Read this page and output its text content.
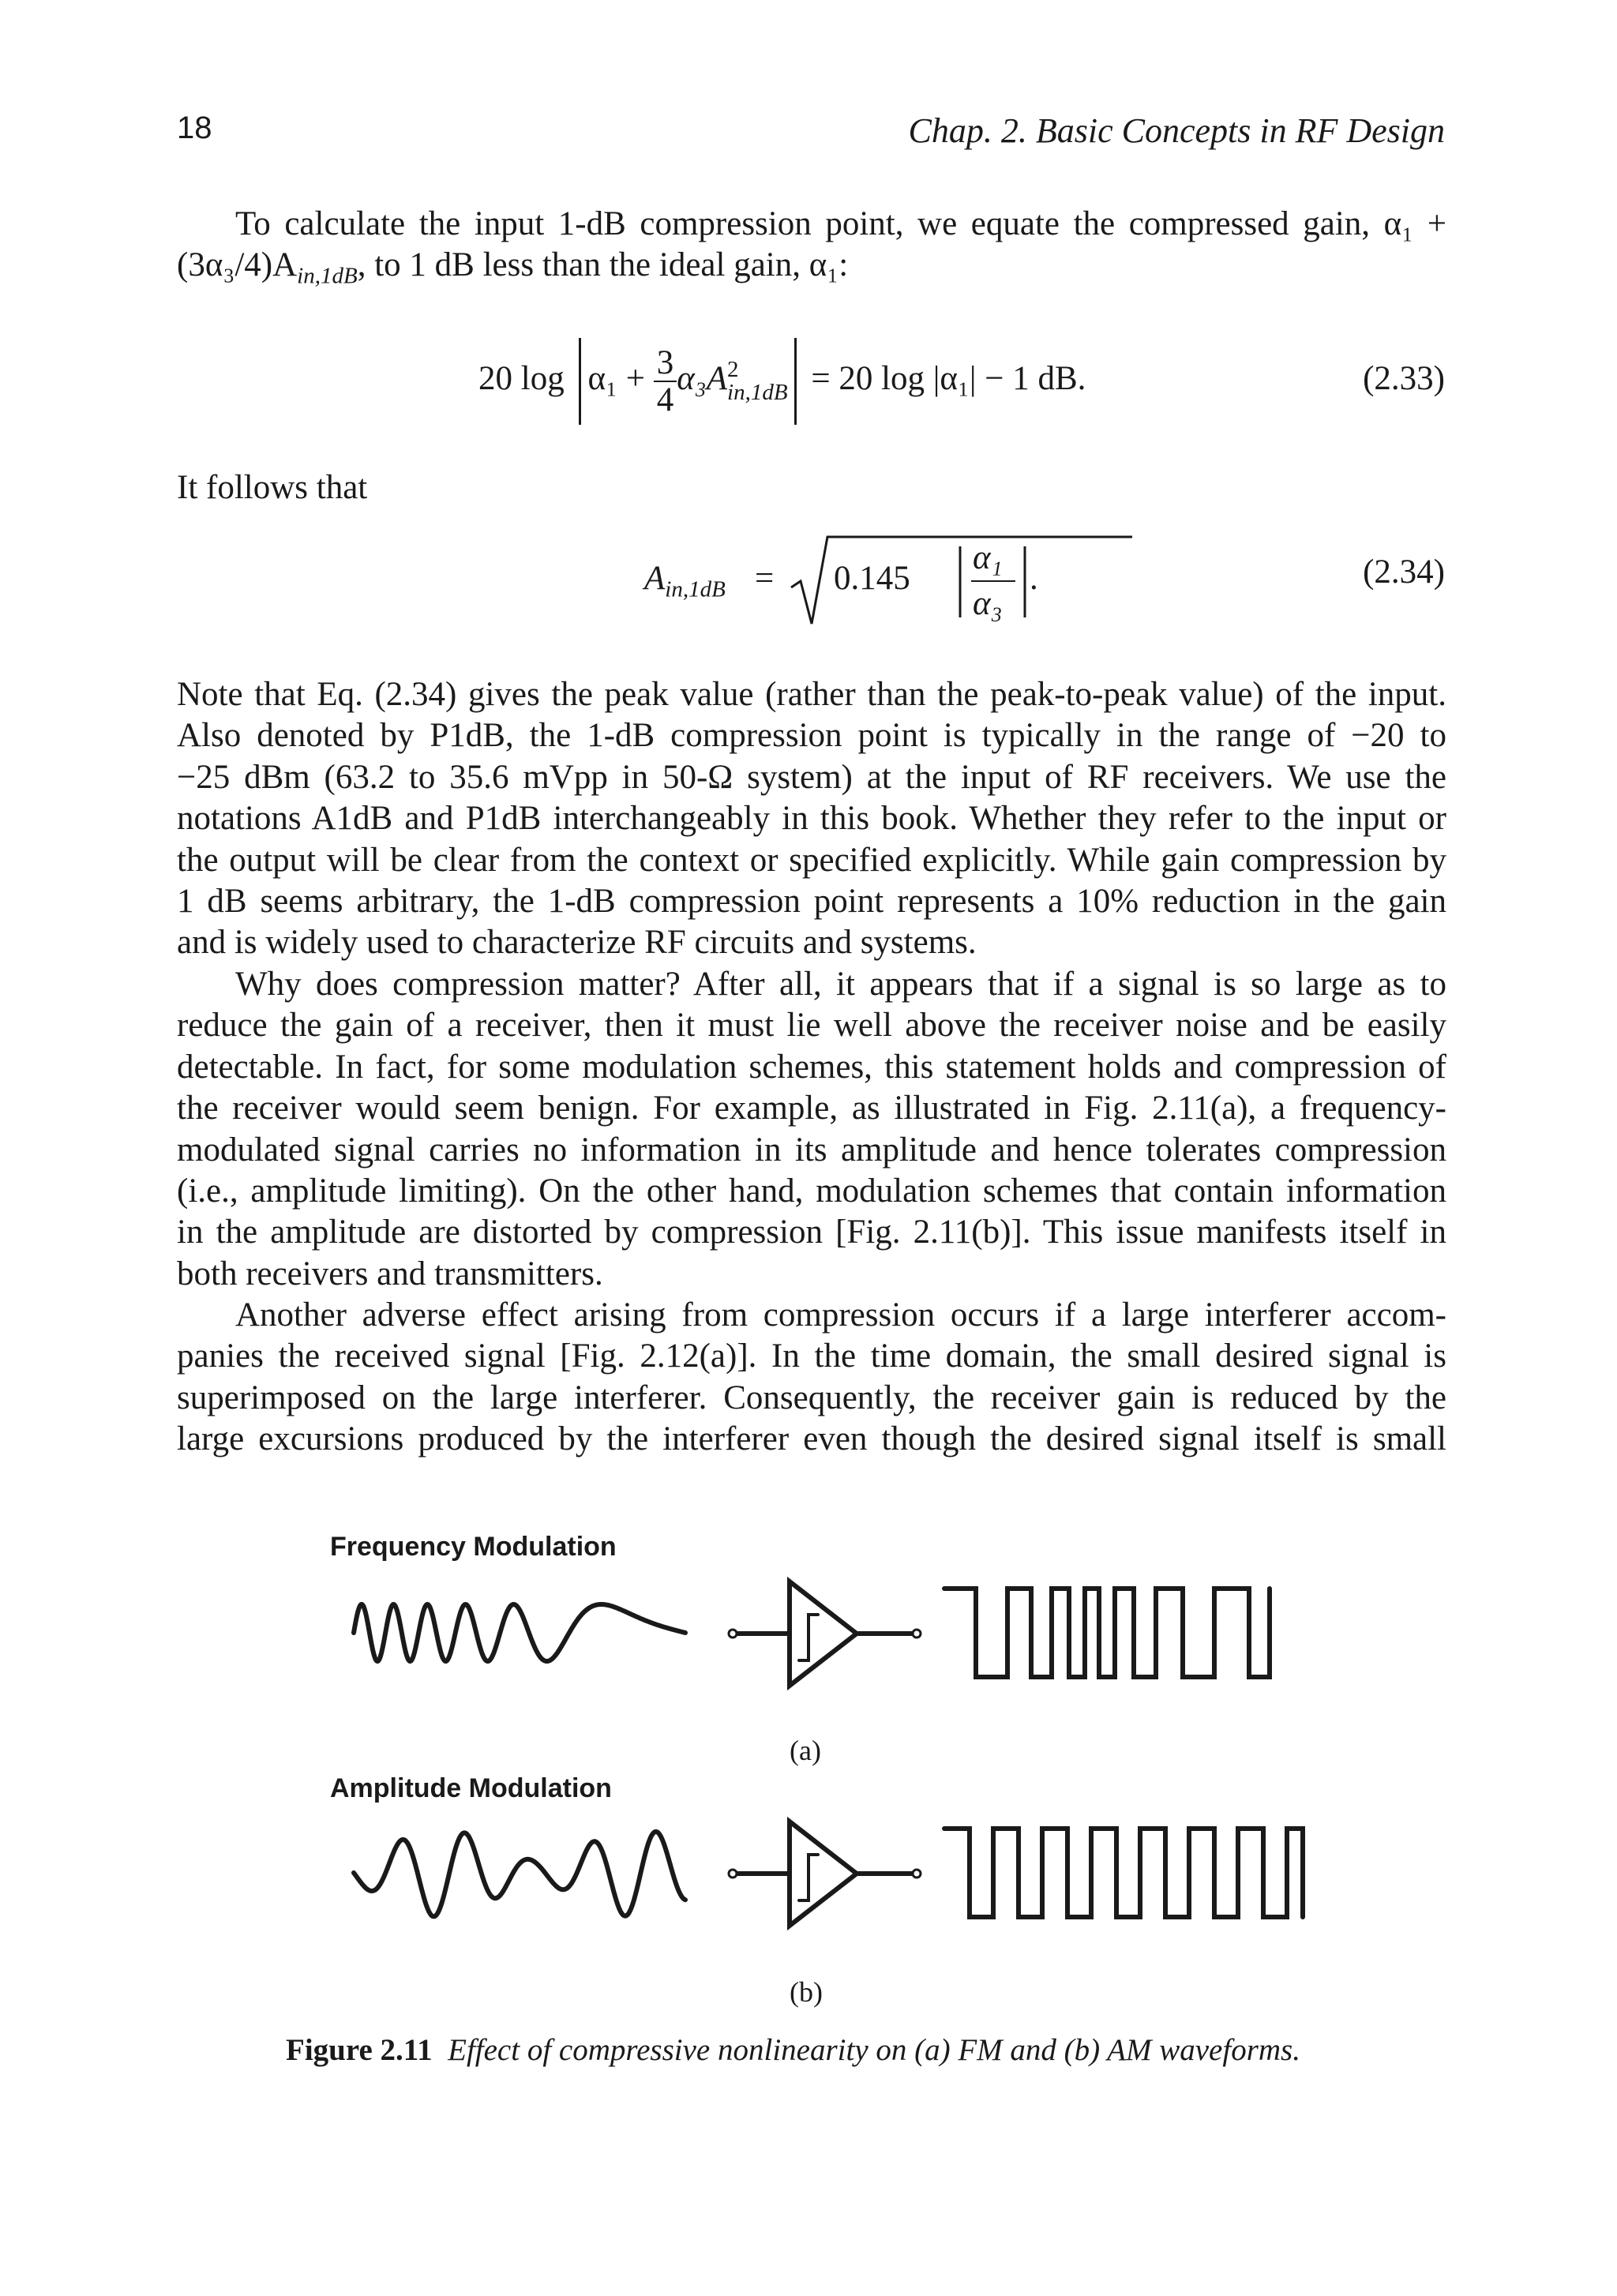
18	Chap. 2. Basic Concepts in RF Design
To calculate the input 1-dB compression point, we equate the compressed gain, α₁ +
$(3\alpha_3/4)A_{in,1dB}$, to 1 dB less than the ideal gain, α₁:
20 $\log \alpha_1 + \frac{3}{4} \alpha_3A$ 2
in,1dB = 20 log |α₁| − 1 dB.	(2.33)
It follows that
$A_{in,1dB} = 0.145$
α₁
α₃
.	(2.34)
Note that Eq. (2.34) gives the peak value (rather than the peak-to-peak value) of the input.
Also denoted by P1dB, the 1-dB compression point is typically in the range of −20 to
−25 dBm (63.2 to 35.6 mVpp in 50-Ω system) at the input of RF receivers. We use the
notations A1dB and P1dB interchangeably in this book. Whether they refer to the input or
the output will be clear from the context or specified explicitly. While gain compression by
1 dB seems arbitrary, the 1-dB compression point represents a 10% reduction in the gain
and is widely used to characterize RF circuits and systems.
Why does compression matter? After all, it appears that if a signal is so large as to
reduce the gain of a receiver, then it must lie well above the receiver noise and be easily
detectable. In fact, for some modulation schemes, this statement holds and compression of
the receiver would seem benign. For example, as illustrated in Fig. 2.11(a), a frequency-
modulated signal carries no information in its amplitude and hence tolerates compression
(i.e., amplitude limiting). On the other hand, modulation schemes that contain information
in the amplitude are distorted by compression [Fig. 2.11(b)]. This issue manifests itself in
both receivers and transmitters.
Another adverse effect arising from compression occurs if a large interferer accom-
panies the received signal [Fig. 2.12(a)]. In the time domain, the small desired signal is
superimposed on the large interferer. Consequently, the receiver gain is reduced by the
large excursions produced by the interferer even though the desired signal itself is small
Frequency Modulation
Amplitude Modulation
(a)
(b)
Figure 2.11 Effect of compressive nonlinearity on (a) FM and (b) AM waveforms.
